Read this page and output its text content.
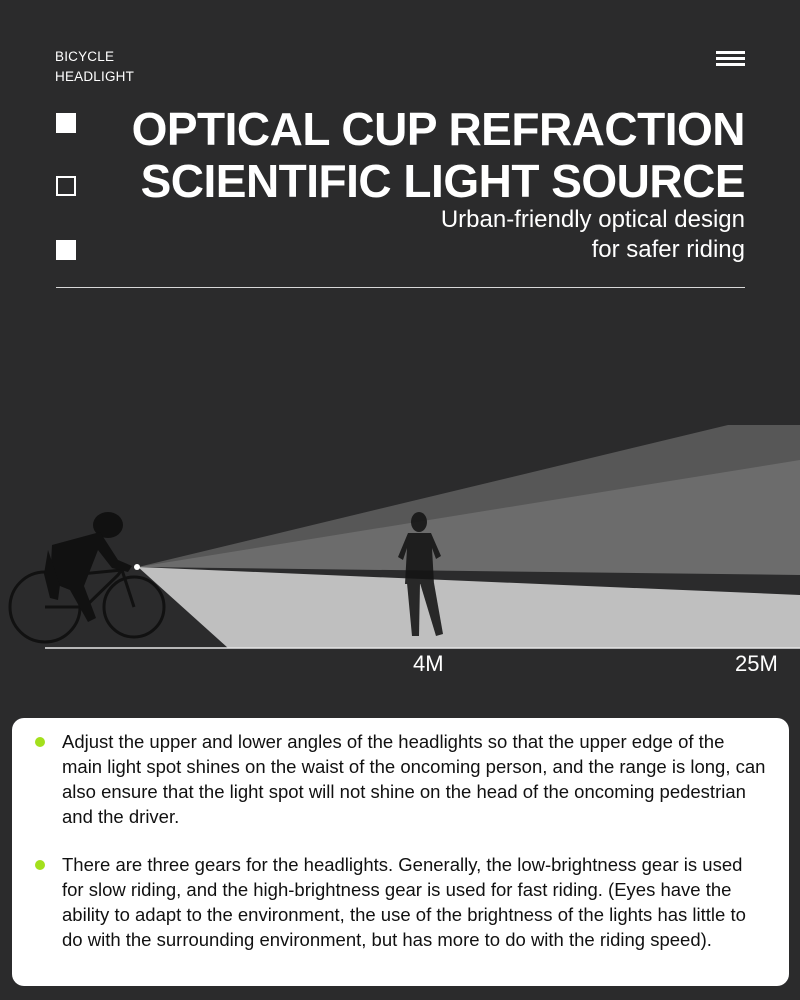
BICYCLE
HEADLIGHT
OPTICAL CUP REFRACTION
SCIENTIFIC LIGHT SOURCE
Urban-friendly optical design
for safer riding
4M	25M
Adjust the upper and lower angles of the headlights so that the upper edge of the main light spot shines on the waist of the oncoming person, and the range is long, can also ensure that the light spot will not shine on the head of the oncoming pedestrian and the driver.
There are three gears for the headlights. Generally, the low-brightness gear is used for slow riding, and the high-brightness gear is used for fast riding. (Eyes have the ability to adapt to the environment, the use of the brightness of the lights has little to do with the surrounding environment, but has more to do with the riding speed).
